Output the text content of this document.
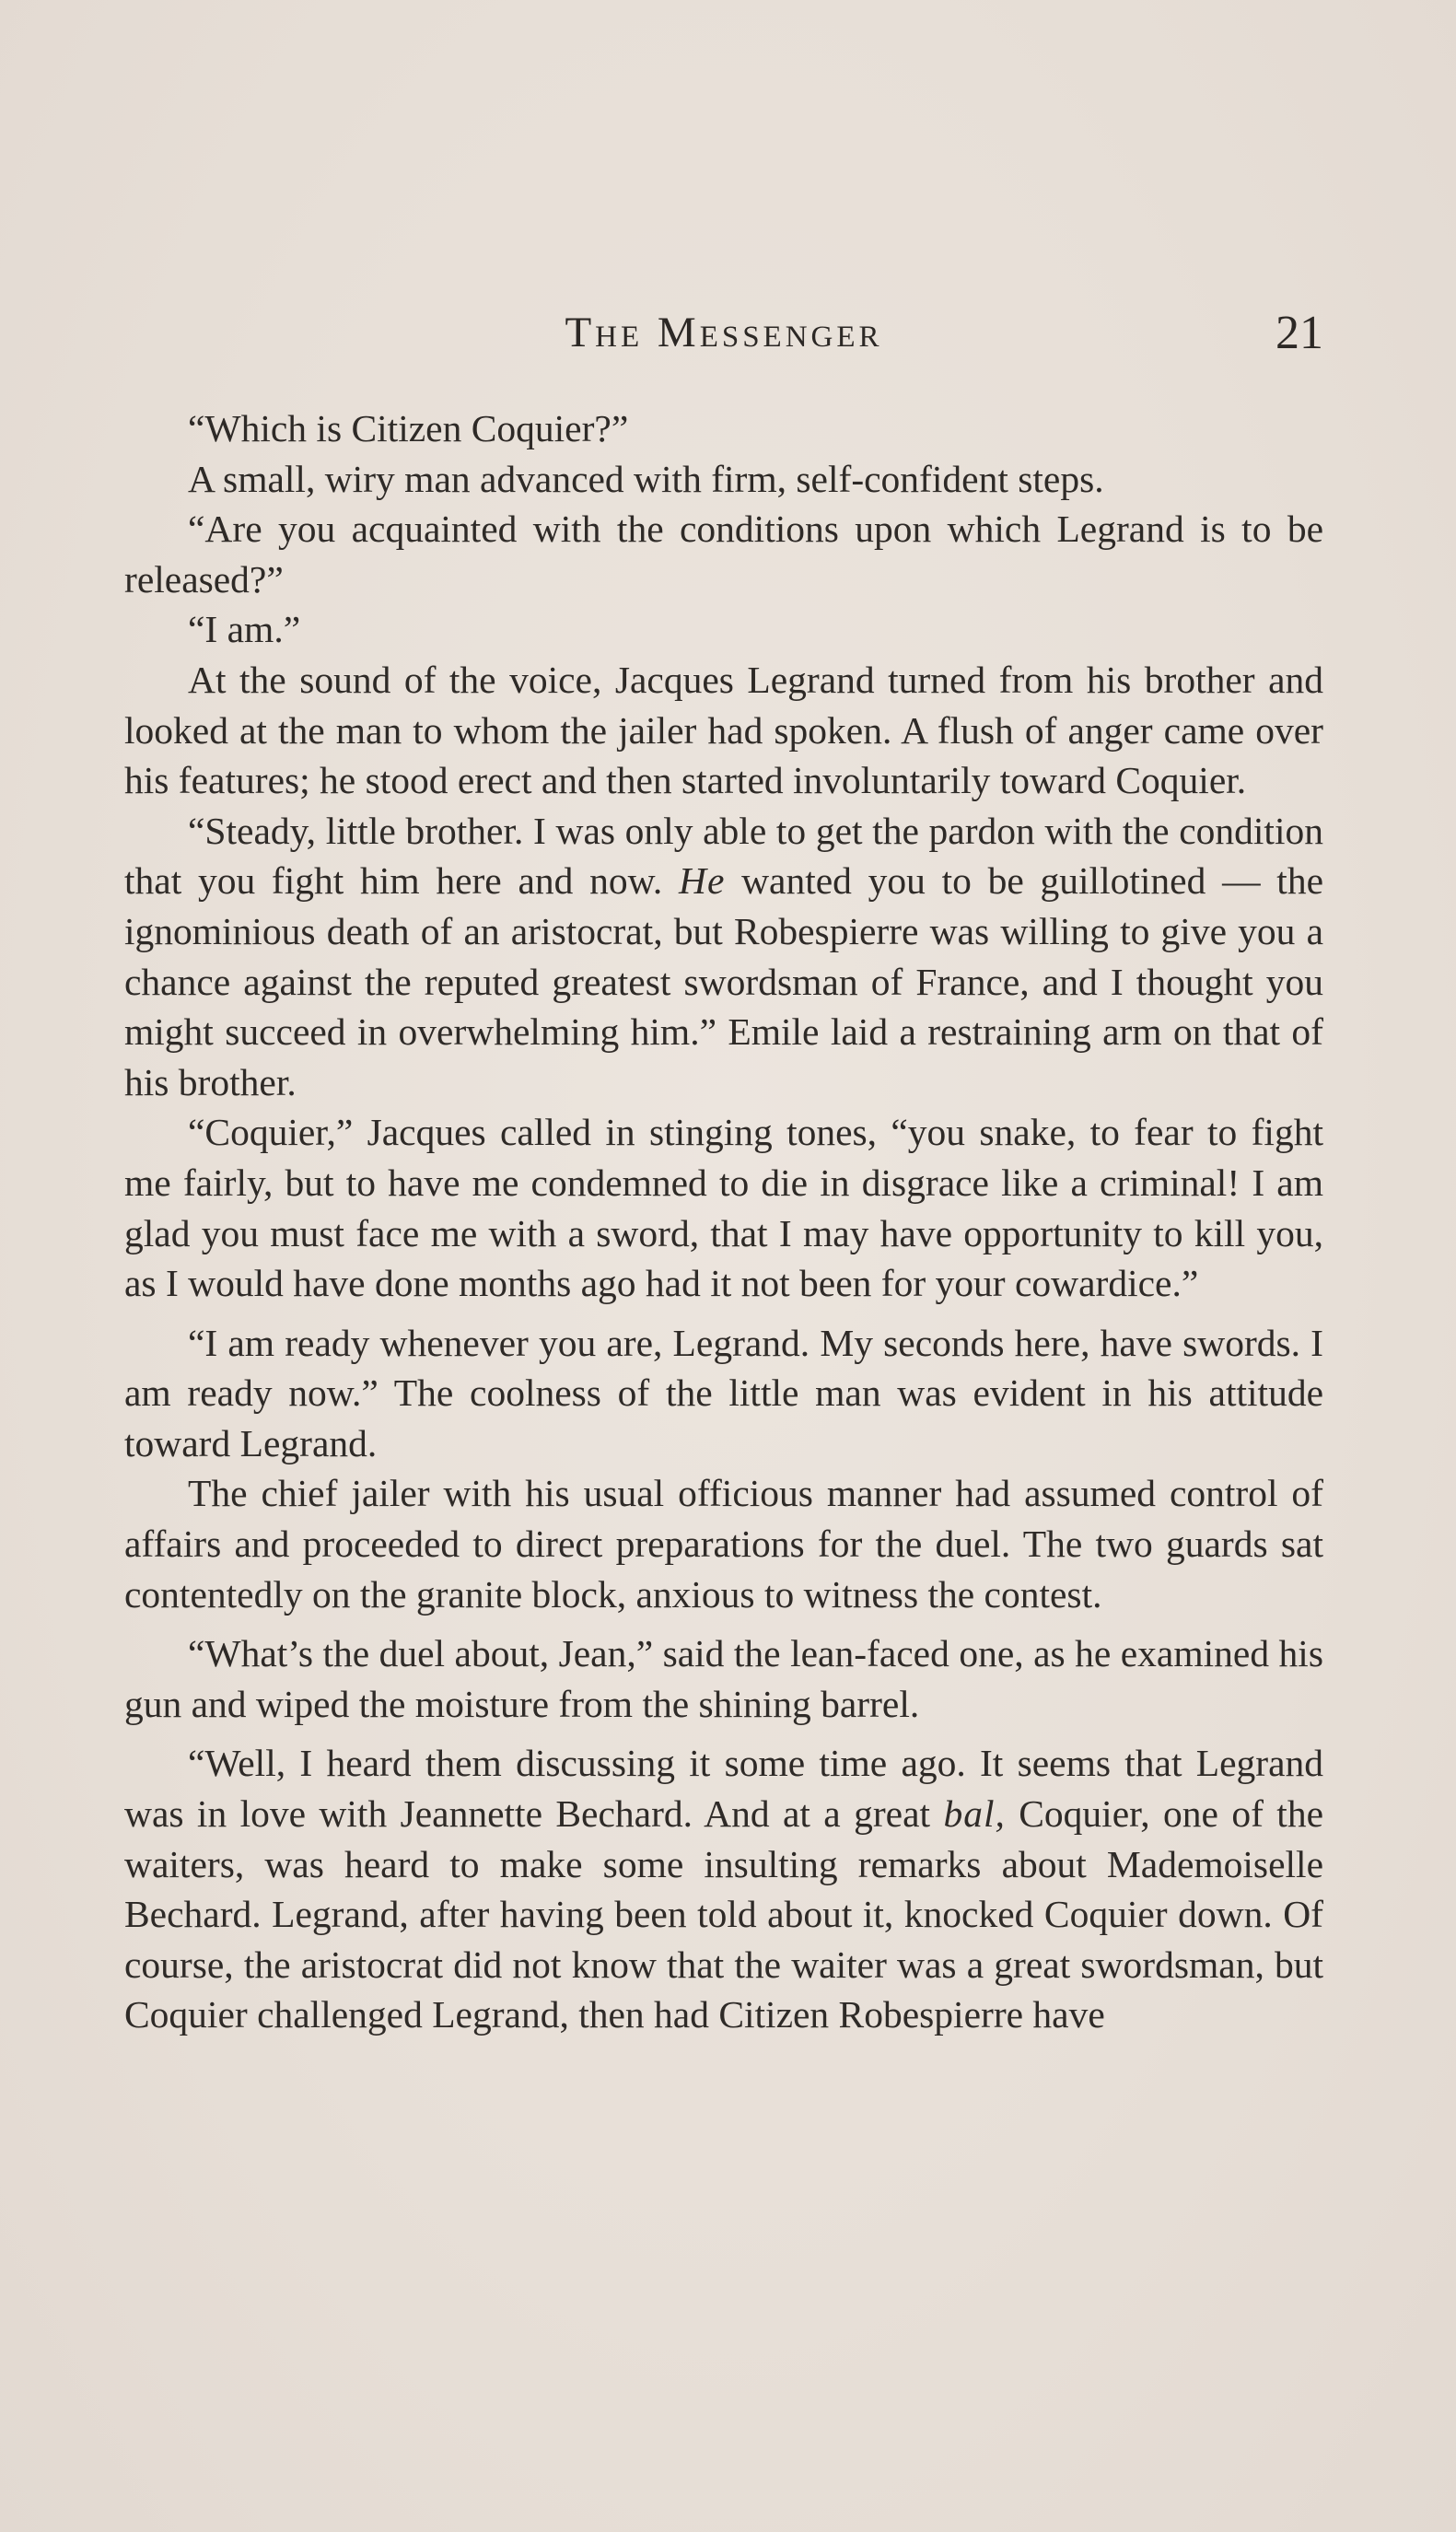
The Messenger	21

“Which is Citizen Coquier?”

A small, wiry man advanced with firm, self-confident steps.

“Are you acquainted with the conditions upon which Legrand is to be released?”

“I am.”

At the sound of the voice, Jacques Legrand turned from his brother and looked at the man to whom the jailer had spoken. A flush of anger came over his features; he stood erect and then started involuntarily toward Coquier.

“Steady, little brother. I was only able to get the pardon with the condition that you fight him here and now. He wanted you to be guillotined — the ignominious death of an aristocrat, but Robespierre was willing to give you a chance against the reputed greatest swordsman of France, and I thought you might succeed in overwhelming him.” Emile laid a restraining arm on that of his brother.

“Coquier,” Jacques called in stinging tones, “you snake, to fear to fight me fairly, but to have me condemned to die in disgrace like a criminal! I am glad you must face me with a sword, that I may have opportunity to kill you, as I would have done months ago had it not been for your cowardice.”

“I am ready whenever you are, Legrand. My seconds here, have swords. I am ready now.” The coolness of the little man was evident in his attitude toward Legrand.

The chief jailer with his usual officious manner had assumed control of affairs and proceeded to direct preparations for the duel. The two guards sat contentedly on the granite block, anxious to witness the contest.

“What’s the duel about, Jean,” said the lean-faced one, as he examined his gun and wiped the moisture from the shining barrel.

“Well, I heard them discussing it some time ago. It seems that Legrand was in love with Jeannette Bechard. And at a great bal, Coquier, one of the waiters, was heard to make some insulting remarks about Mademoiselle Bechard. Legrand, after having been told about it, knocked Coquier down. Of course, the aristocrat did not know that the waiter was a great swordsman, but Coquier challenged Legrand, then had Citizen Robespierre have
